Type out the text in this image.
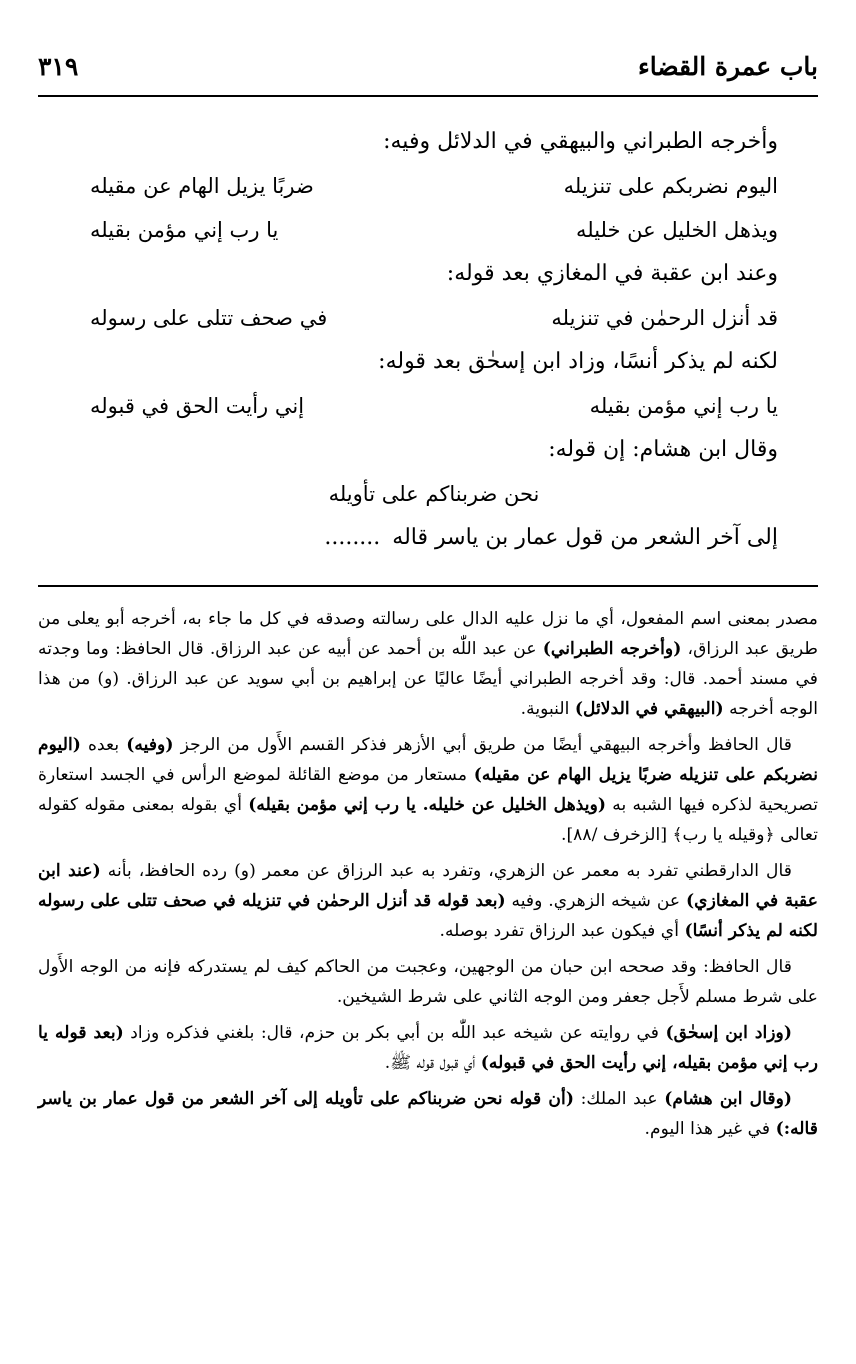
باب عمرة القضاء
٣١٩
وأخرجه الطبراني والبيهقي في الدلائل وفيه:
اليوم نضربكم على تنزيله
ضربًا يزيل الهام عن مقيله
ويذهل الخليل عن خليله
يا رب إني مؤمن بقيله
وعند ابن عقبة في المغازي بعد قوله:
قد أنزل الرحمٰن في تنزيله
في صحف تتلى على رسوله
لكنه لم يذكر أنسًا، وزاد ابن إسحٰق بعد قوله:
يا رب إني مؤمن بقيله
إني رأيت الحق في قبوله
وقال ابن هشام: إن قوله:
نحن ضربناكم على تأويله
إلى آخر الشعر من قول عمار بن ياسر قاله
........

مصدر بمعنى اسم المفعول، أي ما نزل عليه الدال على رسالته وصدقه في كل ما جاء به، أخرجه أبو يعلى من طريق عبد الرزاق، (وأخرجه الطبراني) عن عبد اللّٰه بن أحمد عن أبيه عن عبد الرزاق. قال الحافظ: وما وجدته في مسند أحمد. قال: وقد أخرجه الطبراني أيضًا عاليًا عن إبراهيم بن أبي سويد عن عبد الرزاق. (و) من هذا الوجه أخرجه (البيهقي في الدلائل) النبوية.

قال الحافظ وأخرجه البيهقي أيضًا من طريق أبي الأزهر فذكر القسم الأَول من الرجز (وفيه) بعده (اليوم نضربكم على تنزيله ضربًا يزيل الهام عن مقيله) مستعار من موضع القائلة لموضع الرأس في الجسد استعارة تصريحية لذكره فيها الشبه به (ويذهل الخليل عن خليله. يا رب إني مؤمن بقيله) أي بقوله بمعنى مقوله كقوله تعالى ﴿وقيله يا رب﴾ [الزخرف /٨٨].

قال الدارقطني تفرد به معمر عن الزهري، وتفرد به عبد الرزاق عن معمر (و) رده الحافظ، بأنه (عند ابن عقبة في المغازي) عن شيخه الزهري. وفيه (بعد قوله قد أنزل الرحمٰن في تنزيله في صحف تتلى على رسوله لكنه لم يذكر أنسًا) أي فيكون عبد الرزاق تفرد بوصله.

قال الحافظ: وقد صححه ابن حبان من الوجهين، وعجبت من الحاكم كيف لم يستدركه فإنه من الوجه الأَول على شرط مسلم لأَجل جعفر ومن الوجه الثاني على شرط الشيخين.

(وزاد ابن إسحٰق) في روايته عن شيخه عبد اللّٰه بن أبي بكر بن حزم، قال: بلغني فذكره وزاد (بعد قوله يا رب إني مؤمن بقيله، إني رأيت الحق في قبوله) أي قبول قوله ﷺ.

(وقال ابن هشام) عبد الملك: (أن قوله نحن ضربناكم على تأويله إلى آخر الشعر من قول عمار بن ياسر قاله:) في غير هذا اليوم.
